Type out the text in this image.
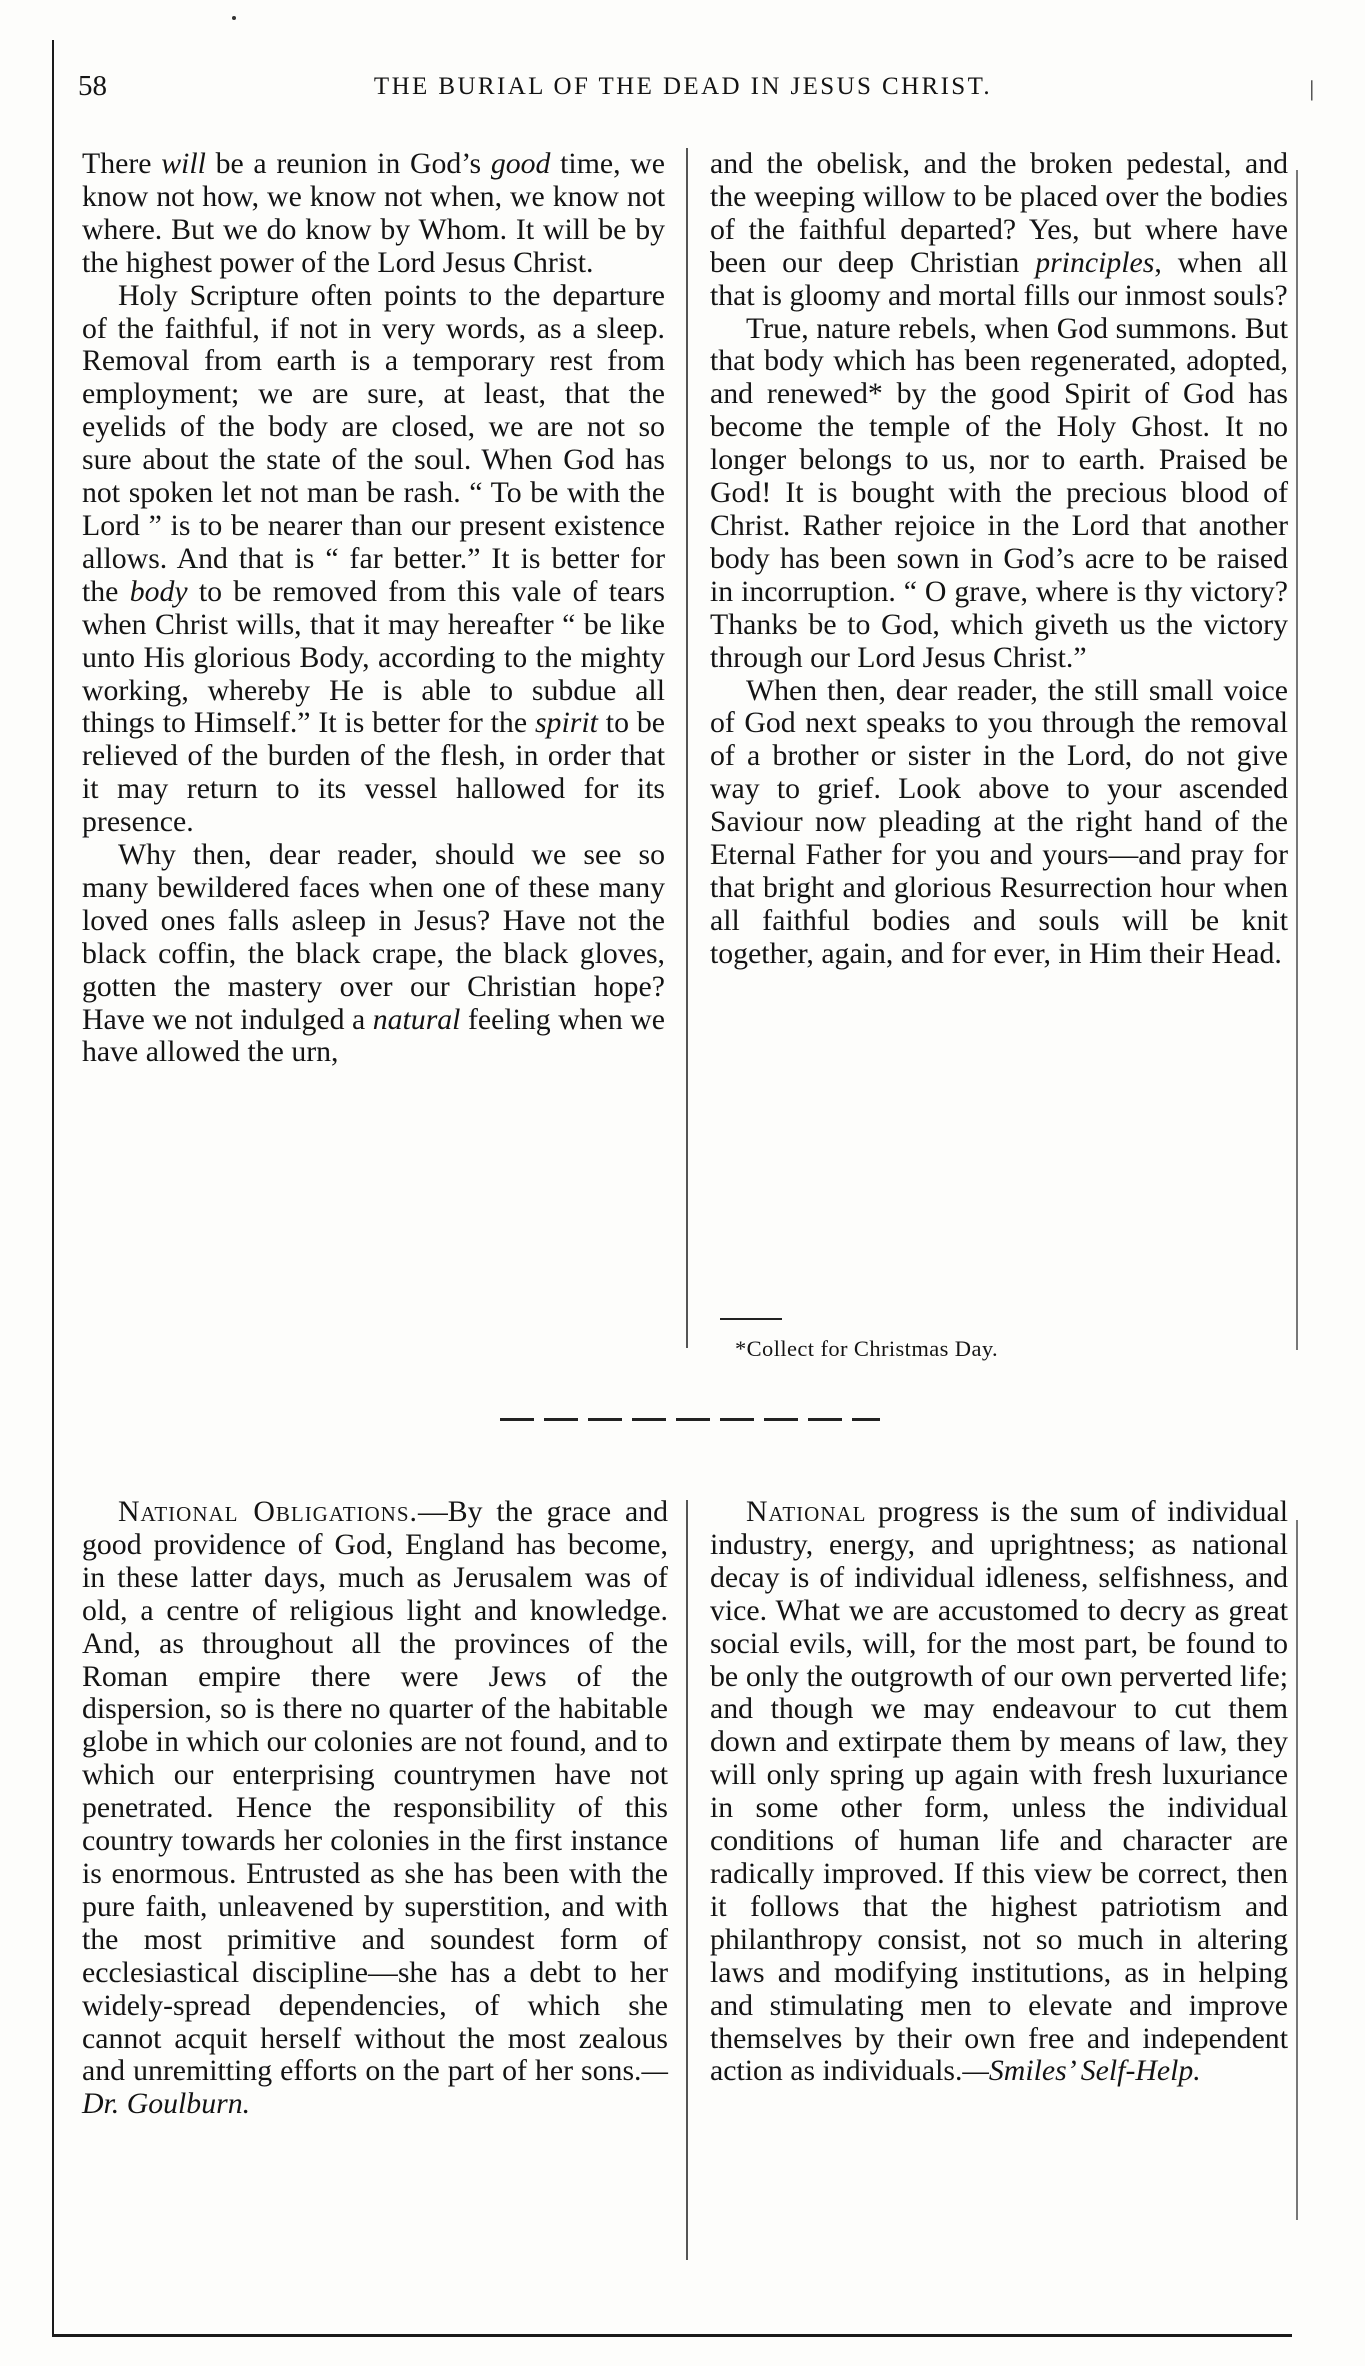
58	THE BURIAL OF THE DEAD IN JESUS CHRIST.	|

There will be a reunion in God’s good time, we know not how, we know not when, we know not where. But we do know by Whom. It will be by the highest power of the Lord Jesus Christ.

Holy Scripture often points to the departure of the faithful, if not in very words, as a sleep. Removal from earth is a temporary rest from employment; we are sure, at least, that the eyelids of the body are closed, we are not so sure about the state of the soul. When God has not spoken let not man be rash. “ To be with the Lord ” is to be nearer than our present existence allows. And that is “ far better.” It is better for the body to be removed from this vale of tears when Christ wills, that it may hereafter “ be like unto His glorious Body, according to the mighty working, whereby He is able to subdue all things to Himself.” It is better for the spirit to be relieved of the burden of the flesh, in order that it may return to its vessel hallowed for its presence.

Why then, dear reader, should we see so many bewildered faces when one of these many loved ones falls asleep in Jesus? Have not the black coffin, the black crape, the black gloves, gotten the mastery over our Christian hope? Have we not indulged a natural feeling when we have allowed the urn,

and the obelisk, and the broken pedestal, and the weeping willow to be placed over the bodies of the faithful departed? Yes, but where have been our deep Christian principles, when all that is gloomy and mortal fills our inmost souls?

True, nature rebels, when God summons. But that body which has been regenerated, adopted, and renewed* by the good Spirit of God has become the temple of the Holy Ghost. It no longer belongs to us, nor to earth. Praised be God! It is bought with the precious blood of Christ. Rather rejoice in the Lord that another body has been sown in God’s acre to be raised in incorruption. “ O grave, where is thy victory? Thanks be to God, which giveth us the victory through our Lord Jesus Christ.”

When then, dear reader, the still small voice of God next speaks to you through the removal of a brother or sister in the Lord, do not give way to grief. Look above to your ascended Saviour now pleading at the right hand of the Eternal Father for you and yours—and pray for that bright and glorious Resurrection hour when all faithful bodies and souls will be knit together, again, and for ever, in Him their Head.

*Collect for Christmas Day.

National Obligations.—By the grace and good providence of God, England has become, in these latter days, much as Jerusalem was of old, a centre of religious light and knowledge. And, as throughout all the provinces of the Roman empire there were Jews of the dispersion, so is there no quarter of the habitable globe in which our colonies are not found, and to which our enterprising countrymen have not penetrated. Hence the responsibility of this country towards her colonies in the first instance is enormous. Entrusted as she has been with the pure faith, unleavened by superstition, and with the most primitive and soundest form of ecclesiastical discipline—she has a debt to her widely-spread dependencies, of which she cannot acquit herself without the most zealous and unremitting efforts on the part of her sons.—Dr. Goulburn.

National progress is the sum of individual industry, energy, and uprightness; as national decay is of individual idleness, selfishness, and vice. What we are accustomed to decry as great social evils, will, for the most part, be found to be only the outgrowth of our own perverted life; and though we may endeavour to cut them down and extirpate them by means of law, they will only spring up again with fresh luxuriance in some other form, unless the individual conditions of human life and character are radically improved. If this view be correct, then it follows that the highest patriotism and philanthropy consist, not so much in altering laws and modifying institutions, as in helping and stimulating men to elevate and improve themselves by their own free and independent action as individuals.—Smiles’ Self-Help.
